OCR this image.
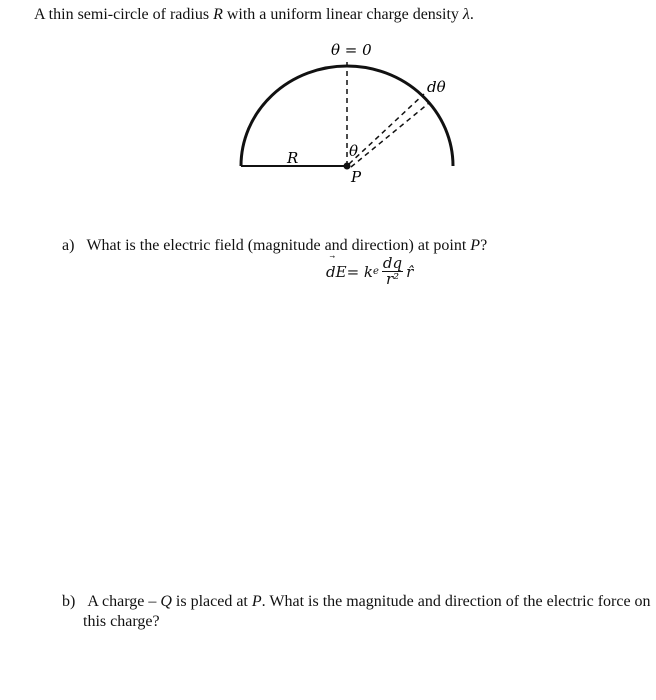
A thin semi-circle of radius R with a uniform linear charge density λ.
θ = 0
dθ
θ
R
P
a) What is the electric field (magnitude and direction) at point P?
dE = k e $\frac{dq}{\text{r²}}$ r̂
b) A charge – Q is placed at P. What is the magnitude and direction of the electric force on
this charge?
